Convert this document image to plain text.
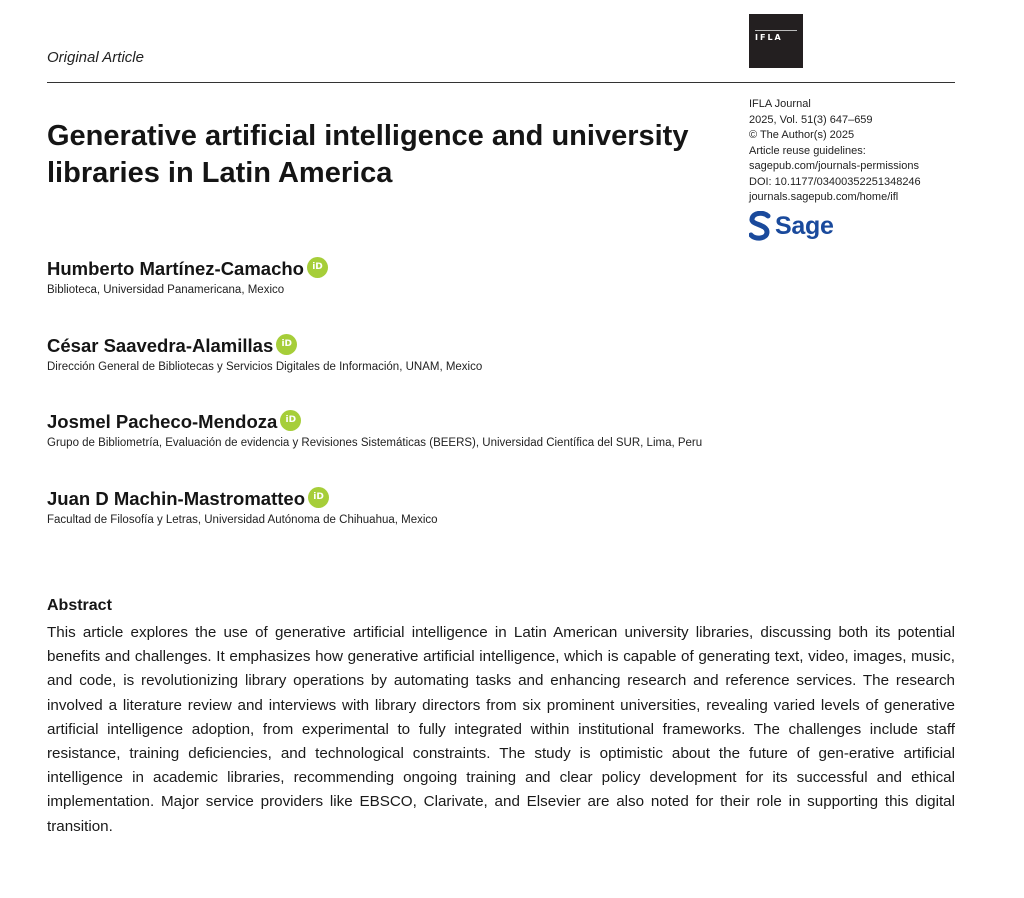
Original Article
IFLA
Generative artificial intelligence and university libraries in Latin America
IFLA Journal
2025, Vol. 51(3) 647–659
© The Author(s) 2025
Article reuse guidelines:
sagepub.com/journals-permissions
DOI: 10.1177/03400352251348246
journals.sagepub.com/home/ifl
Sage
Humberto Martínez-Camacho iD
Biblioteca, Universidad Panamericana, Mexico
César Saavedra-Alamillas iD
Dirección General de Bibliotecas y Servicios Digitales de Información, UNAM, Mexico
Josmel Pacheco-Mendoza iD
Grupo de Bibliometría, Evaluación de evidencia y Revisiones Sistemáticas (BEERS), Universidad Científica del SUR, Lima, Peru
Juan D Machin-Mastromatteo iD
Facultad de Filosofía y Letras, Universidad Autónoma de Chihuahua, Mexico
Abstract

This article explores the use of generative artificial intelligence in Latin American university libraries, discussing both its potential benefits and challenges. It emphasizes how generative artificial intelligence, which is capable of generating text, video, images, music, and code, is revolutionizing library operations by automating tasks and enhancing research and reference services. The research involved a literature review and interviews with library directors from six prominent universities, revealing varied levels of generative artificial intelligence adoption, from experimental to fully integrated within institutional frameworks. The challenges include staff resistance, training deficiencies, and technological constraints. The study is optimistic about the future of gen-erative artificial intelligence in academic libraries, recommending ongoing training and clear policy development for its successful and ethical implementation. Major service providers like EBSCO, Clarivate, and Elsevier are also noted for their role in supporting this digital transition.
